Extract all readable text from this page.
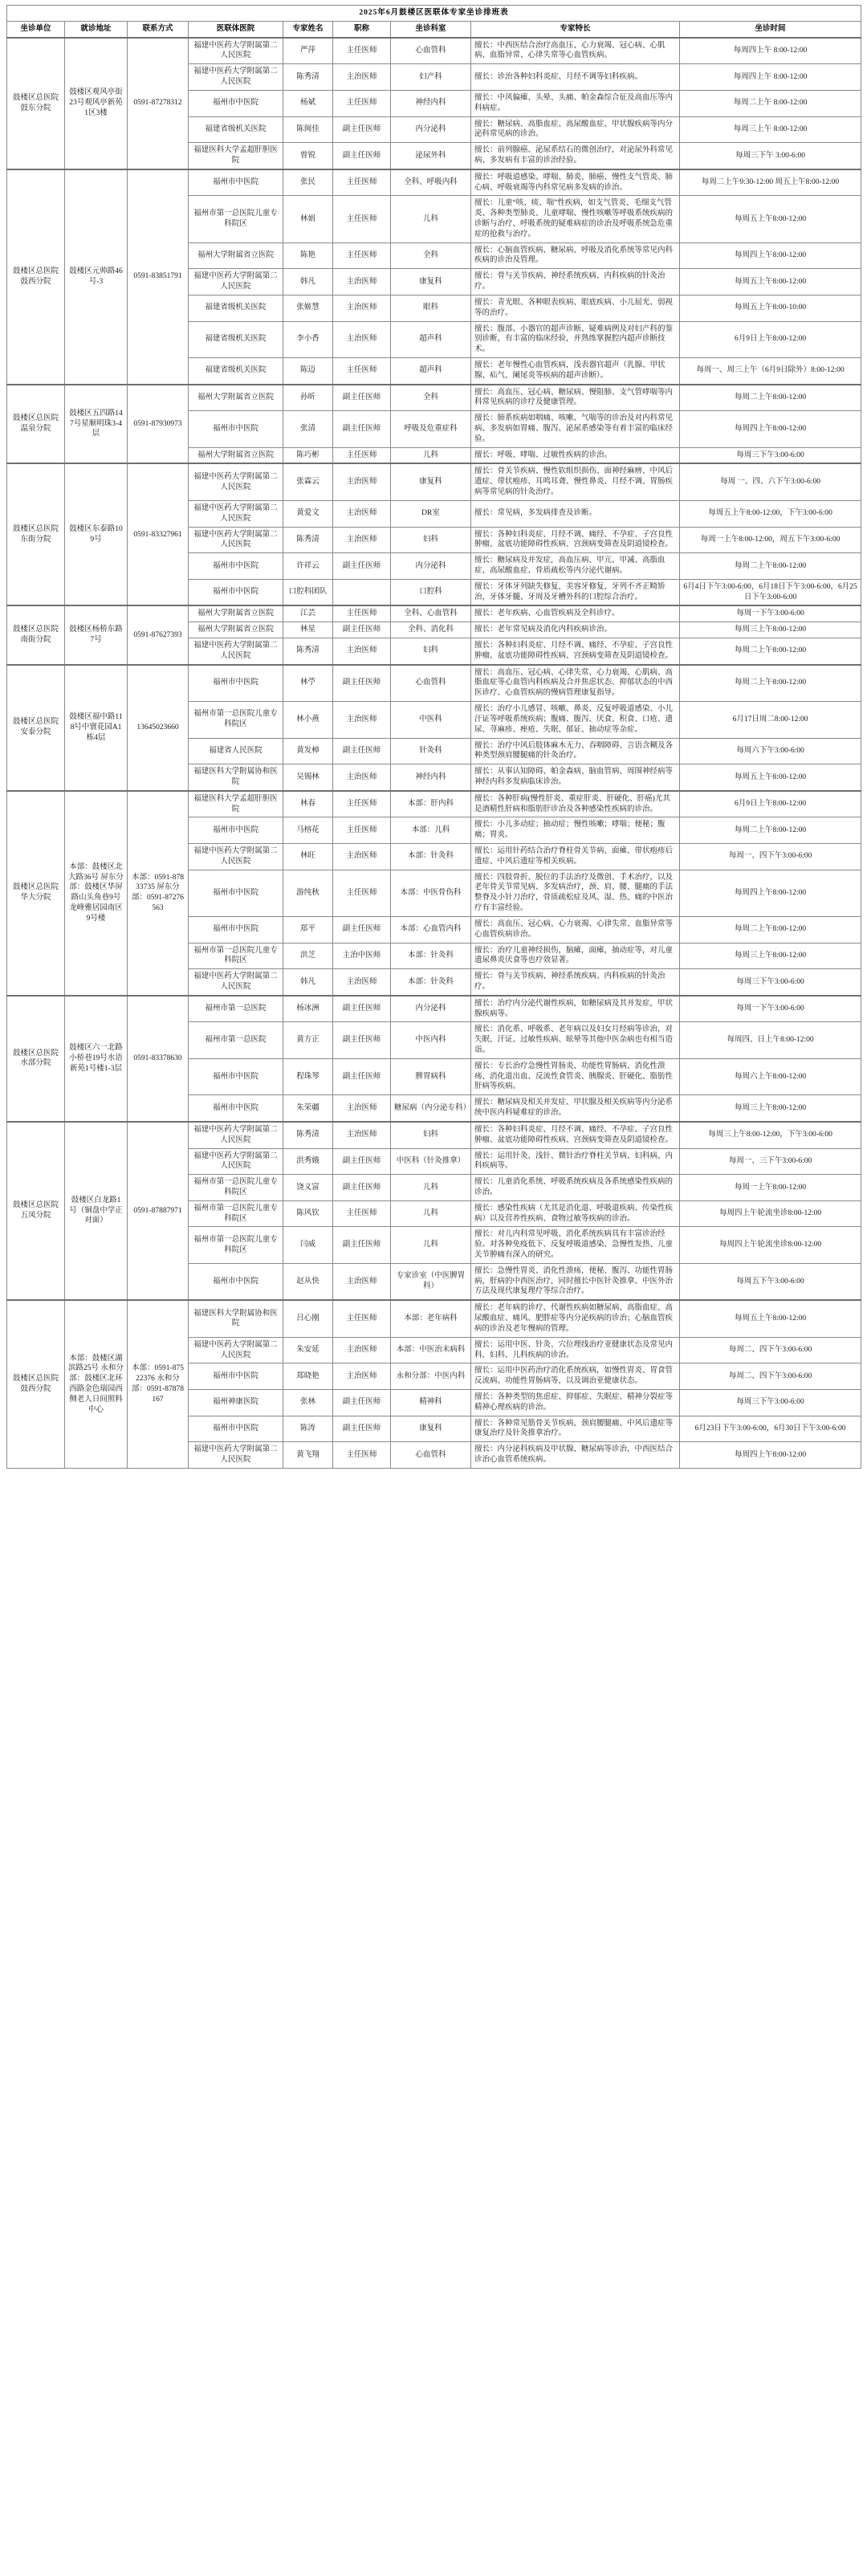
2025年6月鼓楼区医联体专家坐诊排班表								
坐诊单位	就诊地址	联系方式	医联体医院	专家姓名	职称	坐诊科室	专家特长	坐诊时间
鼓楼区总医院鼓东分院	鼓楼区观风亭街23号观风亭新苑1区3楼	0591-87278312	福建中医药大学附属第二人民医院	严萍	主任医师	心血管科	擅长：中西医结合治疗高血压、心力衰竭、冠心病、心肌病、血脂异常、心律失常等心血管疾病。	每周四上午 8:00-12:00
			福建中医药大学附属第二人民医院	陈秀清	主治医师	妇产科	擅长：诊治各种妇科炎症、月经不调等妇科疾病。	每周四上午 8:00-12:00
			福州市中医院	杨斌	主任医师	神经内科	擅长：中风偏瘫、头晕、头痛、帕金森综合征及高血压等内科病症。	每周二上午 8:00-12:00
			福建省级机关医院	陈闽佳	副主任医师	内分泌科	擅长：糖尿病、高脂血症、高尿酸血症、甲状腺疾病等内分泌科常见病的诊治。	每周三上午 8:00-12:00
			福建医科大学孟超肝胆医院	曾锐	副主任医师	泌尿外科	擅长：前列腺癌、泌尿系结石的微创治疗，对泌尿外科常见病、多发病有丰富的诊治经验。	每周三下午 3:00-6:00
鼓楼区总医院鼓西分院	鼓楼区元帅路46号-3	0591-83851791	福州市中医院	张民	主任医师	全科、呼吸内科	擅长：呼吸道感染、哮喘、肺炎、肺癌、慢性支气管炎、肺心病、呼吸衰竭等内科常见病多发病的诊治。	每周二上午9:30-12:00 周五上午8:00-12:00
			福州市第一总医院儿童专科院区	林娟	主任医师	儿科	擅长：儿童“咳、痰、喘”性疾病，如支气管炎、毛细支气管炎、各种类型肺炎、儿童哮喘、慢性咳嗽等呼吸系统疾病的诊断与治疗、呼吸系统的疑难病症的诊治及呼吸系统急危重症的抢救与治疗。	每周五上午8:00-12:00
			福州大学附属省立医院	陈艳	主任医师	全科	擅长：心脑血管疾病、糖尿病、呼吸及消化系统等常见内科疾病的诊治及管理。	每周四上午8:00-12:00
			福建中医药大学附属第二人民医院	韩凡	主治医师	康复科	擅长：骨与关节疾病、神经系统疾病、内科疾病的针灸治疗。	每周五上午8:00-12:00
			福建省级机关医院	张姬慧	主治医师	眼科	擅长：青光眼、各种眼表疾病、眼底疾病、小儿屈光、弱视等的治疗。	每周五上午8:00-10:00
			福建省级机关医院	李小香	主治医师	超声科	擅长：腹部、小器官的超声诊断、疑难病例及对妇产科的鉴别诊断，有丰富的临床经验，并熟练掌握腔内超声诊断技术。	6月9日上午8:00-12:00
			福建省级机关医院	陈迈	主任医师	超声科	擅长：老年慢性心血管疾病，浅表器官超声（乳腺、甲状腺、疝气、阑尾炎等疾病的超声诊断）。	每周一、周三上午（6月9日除外）8:00-12:00
鼓楼区总医院温泉分院	鼓楼区五四路147号星顺明珠3-4层	0591-87930973	福州大学附属省立医院	孙昕	副主任医师	全科	擅长：高血压、冠心病、糖尿病、慢阻肺、支气管哮喘等内科常见疾病的诊疗及健康管理。	每周二上午8:00-12:00
			福州市中医院	张清	副主任医师	呼吸及危重症科	擅长：肺系疾病如咽痛、咳嗽、气喘等的诊治及对内科常见病、多发病如胃痛、腹泻、泌尿系感染等有着丰富的临床经验。	每周四上午8:00-12:00
			福州大学附属省立医院	陈巧彬	主任医师	儿科	擅长：呼吸、哮喘、过敏性疾病的诊治。	每周三下午3:00-6:00
鼓楼区总医院东街分院	鼓楼区东泰路109号	0591-83327961	福建中医药大学附属第二人民医院	张霖云	主治医师	康复科	擅长：骨关节疾病、慢性软组织损伤、面神经麻痹、中风后遗症、带状疱疹、耳鸣耳聋、慢性鼻炎、月经不调、胃肠疾病等常见病的针灸治疗。	每周 一、四、六下午3:00-6:00
			福建中医药大学附属第二人民医院	黄爱文	主治医师	DR室	擅长：常见病，多发病排查及诊断。	每周五上午8:00-12:00，下午3:00-6:00
			福建中医药大学附属第二人民医院	陈秀清	主治医师	妇科	擅长：各种妇科炎症、月经不调、痛经、不孕症、子宫良性肿瘤、盆底功能障碍性疾病、宫颈病变筛查及阴道镜检查。	每周一上午8:00-12:00，周五下午3:00-6:00
			福州市中医院	许祥云	副主任医师	内分泌科	擅长：糖尿病及并发症，高血压病、甲亢、甲减、高脂血症、高尿酸血症、骨质疏松等内分泌代谢病。	每周二上午8:00-12:00
			福州市中医院	口腔科团队		口腔科	擅长：牙体牙列缺失修复，美容牙修复，牙列不齐正畸矫治，牙体牙髓、牙周及牙槽外科的口腔综合治疗。	6月4日下午3:00-6:00，6月18日下午3:00-6:00，6月25日下午3:00-6:00
鼓楼区总医院南街分院	鼓楼区杨桥东路7号	0591-87627393	福州大学附属省立医院	江芸	主任医师	全科、心血管科	擅长：老年疾病、心血管疾病及全科诊疗。	每周一下午3:00-6:00
			福州大学附属省立医院	林星	副主任医师	全科、消化科	擅长：老年常见病及消化内科疾病诊治。	每周三上午8:00-12:00
			福建中医药大学附属第二人民医院	陈秀清	主治医师	妇科	擅长：各种妇科炎症、月经不调、痛经、不孕症、子宫良性肿瘤、盆底功能障碍性疾病、宫颈病变筛查及阴道镜检查。	每周二上午8:00-12:00
鼓楼区总医院安泰分院	鼓楼区福中路118号中寰花园A1栋4层	13645023660	福州市中医院	林苧	副主任医师	心血管科	擅长：高血压、冠心病、心律失常、心力衰竭、心肌病、高脂血症等心血管内科疾病及合并焦虑状态、抑郁状态的中西医诊疗、心血管疾病的慢病管理康复指导。	每周二上午8:00-12:00
			福州市第一总医院儿童专科院区	林小燕	主治医师	中医科	擅长：治疗小儿感冒、咳嗽、鼻炎、反复呼吸道感染、小儿汗证等呼吸系统疾病；腹痛、腹泻、厌食、积食、口疮、遗尿、荨麻疹、痤疮、失眠、郁证、抽动症等杂症。	6月17日周二8:00-12:00
			福建省人民医院	黄发樟	副主任医师	针灸科	擅长：治疗中风后肢体麻木无力、吞咽障碍、言语含糊及各种类型颈肩腰腿痛的针灸治疗。	每周六下午3:00-6:00
			福建医科大学附属协和医院	吴锡林	主治医师	神经内科	擅长：从事认知障碍、帕金森病、脑血管病、周围神经病等神经内科多发病临床诊治。	每周五上午8:00-12:00
鼓楼区总医院华大分院	本部：鼓楼区北大路36号 屏东分部：鼓楼区华屏路山头角巷9号龙峰雅居园南区9号楼	本部：0591-87833735 屏东分部：0591-87276563	福建医科大学孟超肝胆医院	林春	主任医师	本部：肝内科	擅长：各种肝病(慢性肝炎、重症肝炎、肝硬化、肝癌)尤其是酒精性肝病和脂肪肝诊治及各种感染性疾病的诊治。	6月9日上午8:00-12:00
			福州市中医院	马榕花	主任医师	本部：儿科	擅长：小儿多动症；抽动症；慢性咳嗽；哮喘；便秘；腹痛；胃炎。	每周二上午8:00-12:00
			福建中医药大学附属第二人民医院	林旺	主治医师	本部：针灸科	擅长：运用针药结合治疗脊柱骨关节病、面瘫、带状疱疹后遗症、中风后遗症等相关疾病。	每周一、四下午3:00-6:00
			福州市中医院	游纯秋	主任医师	本部：中医骨伤科	擅长：四肢骨折、脱位的手法治疗及微创、手术治疗，以及老年骨关节常见病、多发病治疗，颈、肩、腰、腿痛的手法整脊及小针刀治疗，骨质疏松症及风、湿、热、痛的中医治疗有丰富经验。	每周四上午8:00-12:00
			福州市中医院	郑平	副主任医师	本部：心血管内科	擅长：高血压、冠心病、心力衰竭、心律失常、血脂异常等心血管疾病诊治。	每周二上午8:00-12:00
			福州市第一总医院儿童专科院区	洪芝	主治中医师	本部：针灸科	擅长：治疗儿童神经损伤，脑瘫，面瘫，抽动症等，对儿童遗尿鼻炎厌食等也疗效显著。	每周三上午8:00-12:00
			福建中医药大学附属第二人民医院	韩凡	主治医师	本部：针灸科	擅长：骨与关节疾病、神经系统疾病、内科疾病的针灸治疗。	每周三下午3:00-6:00
鼓楼区总医院水部分院	鼓楼区六一北路小桥巷19号水语新苑1号楼1-3层	0591-83378630	福州市第一总医院	杨冰洲	副主任医师	内分泌科	擅长：治疗内分泌代谢性疾病，如糖尿病及其并发症，甲状腺疾病等。	每周一下午3:00-6:00
			福州市第一总医院	黄方正	副主任医师	中医内科	擅长：消化系、呼吸系、老年病以及妇女月经病等诊治，对失眠、汗证、过敏性疾病、眩晕等其他中医杂病也有相当造诣。	每周四、日上午8:00-12:00
			福州市中医院	程珠琴	副主任医师	脾胃病科	擅长：专长治疗急慢性胃肠炎、功能性胃肠病、消化性溃疡、消化道出血、反流性食管炎、胰腺炎、肝硬化、脂肪性肝病等疾病。	每周六上午8:00-12:00
			福州市中医院	朱荣疆	主治医师	糖尿病（内分泌专科）	擅长：糖尿病及相关并发症、甲状腺及相关疾病等内分泌系统中医内科疑难症的诊治。	每周三上午8:00-12:00
鼓楼区总医院五凤分院	鼓楼区白龙路1号（铜盘中学正对面）	0591-87887971	福建中医药大学附属第二人民医院	陈秀清	主治医师	妇科	擅长：各种妇科炎症、月经不调、痛经、不孕症、子宫良性肿瘤、盆底功能障碍性疾病、宫颈病变筛查及阴道镜检查。	每周三上午8:00-12:00，下午3:00-6:00
			福建中医药大学附属第二人民医院	洪秀娥	副主任医师	中医科（针灸推拿）	擅长：运用针灸、浅针、微针治疗脊柱关节病、妇科病、内科疾病等。	每周一、三下午3:00-6:00
			福州市第一总医院儿童专科院区	饶义富	副主任医师	儿科	擅长：儿童消化系统、呼吸系统疾病及各系统感染性疾病的诊治。	每周一上午8:00-12:00
			福州市第一总医院儿童专科院区	陈风钦	主任医师	儿科	擅长：感染性疾病（尤其是消化道、呼吸道疾病、传染性疾病）以及营养性疾病、食物过敏等疾病的诊治。	每周四上午轮流坐诊8:00-12:00
			福州市第一总医院儿童专科院区	闫威	副主任医师	儿科	擅长：对儿内科常见呼吸、消化系统疾病具有丰富诊治经验。对各种免疫低下、反复呼吸道感染、急慢性发热、儿童关节肿痛有深入的研究。	每周四上午轮流坐诊8:00-12:00
			福州市中医院	赵从快	主治医师	专家诊室（中医脾胃科）	擅长：急慢性胃炎、消化性溃疡，便秘、腹泻、功能性胃肠病，肝病的中西医治疗，同时擅长中医针灸推拿、中医外治方法及现代康复理疗等综合治疗。	每周五下午3:00-6:00
鼓楼区总医院鼓西分院	本部：鼓楼区湖滨路25号 永和分部：鼓楼区北环西路金色瑞园西侧老人日间照料中心	本部：0591-87522376 永和分部：0591-87878167	福建医科大学附属协和医院	吕心刚	主任医师	本部：老年病科	擅长：老年病的诊疗、代谢性疾病如糖尿病、高脂血症、高尿酸血症、痛风、肥胖症等内分泌疾病的诊治；心脑血管疾病的诊治及老年慢病的管理。	每周五上午8:00-12:00
			福建中医药大学附属第二人民医院	朱安延	主治医师	本部：中医治未病科	擅长：运用中医、针灸、穴位埋线治疗亚健康状态及常见内科、妇科、儿科疾病的诊治。	每周二、四下午3:00-6:00
			福州市中医院	郑晓艳	主治医师	永和分部：中医内科	擅长：运用中医药治疗消化系统疾病，如慢性胃炎、胃食管反流病、功能性胃肠病等，以及调治亚健康状态。	每周二、四下午3:00-6:00
			福州神康医院	张林	副主任医师	精神科	擅长：各种类型的焦虑症、抑郁症、失眠症、精神分裂症等精神心理疾病的诊治。	每周三下午3:00-6:00
			福州市中医院	陈涛	副主任医师	康复科	擅长：各种常见筋骨关节疾病、颈肩腰腿痛、中风后遗症等康复治疗及针灸推拿治疗。	6月23日下午3:00-6:00，6月30日下午3:00-6:00
			福建中医药大学附属第二人民医院	黄飞翔	主任医师	心血管科	擅长：内分泌科疾病及甲状腺、糖尿病等诊治，中西医结合诊治心血管系统疾病。	每周四上午8:00-12:00
